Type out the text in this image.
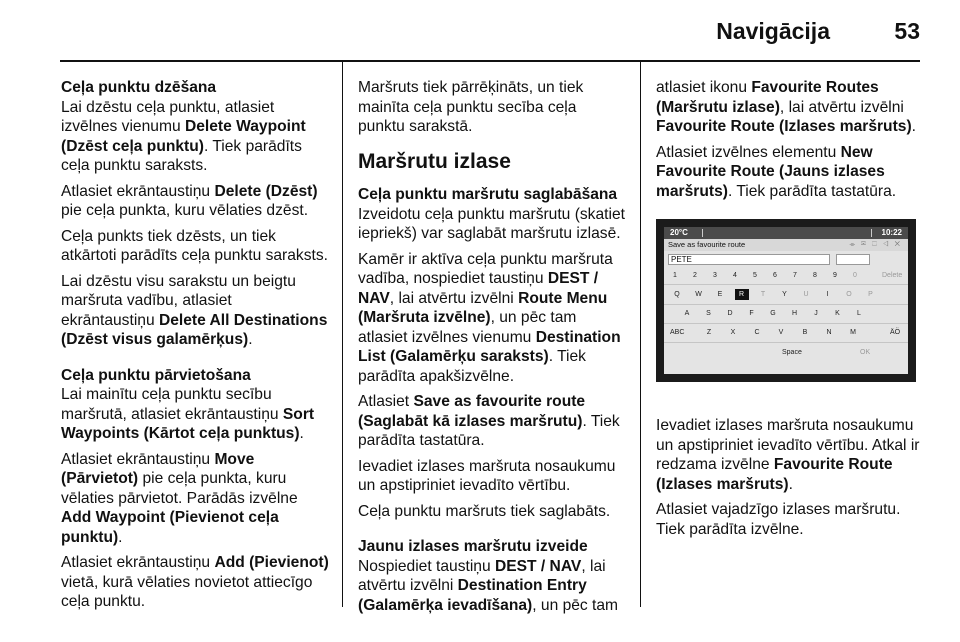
Navigācija	53

Ceļa punktu dzēšana

Lai dzēstu ceļa punktu, atlasiet izvēlnes vienumu Delete Waypoint (Dzēst ceļa punktu). Tiek parādīts ceļa punktu saraksts.

Atlasiet ekrāntaustiņu Delete (Dzēst) pie ceļa punkta, kuru vēlaties dzēst.

Ceļa punkts tiek dzēsts, un tiek atkārtoti parādīts ceļa punktu saraksts.

Lai dzēstu visu sarakstu un beigtu maršruta vadību, atlasiet ekrāntaustiņu Delete All Destinations (Dzēst visus galamērķus).

Ceļa punktu pārvietošana

Lai mainītu ceļa punktu secību maršrutā, atlasiet ekrāntaustiņu Sort Waypoints (Kārtot ceļa punktus).

Atlasiet ekrāntaustiņu Move (Pārvietot) pie ceļa punkta, kuru vēlaties pārvietot. Parādās izvēlne Add Waypoint (Pievienot ceļa punktu).

Atlasiet ekrāntaustiņu Add (Pievienot) vietā, kurā vēlaties novietot attiecīgo ceļa punktu.

Maršruts tiek pārrēķināts, un tiek mainīta ceļa punktu secība ceļa punktu sarakstā.

Maršrutu izlase

Ceļa punktu maršrutu saglabāšana

Izveidotu ceļa punktu maršrutu (skatiet iepriekš) var saglabāt maršrutu izlasē.

Kamēr ir aktīva ceļa punktu maršruta vadība, nospiediet taustiņu DEST / NAV, lai atvērtu izvēlni Route Menu (Maršruta izvēlne), un pēc tam atlasiet izvēlnes vienumu Destination List (Galamērķu saraksts). Tiek parādīta apakšizvēlne.

Atlasiet Save as favourite route (Saglabāt kā izlases maršrutu). Tiek parādīta tastatūra.

Ievadiet izlases maršruta nosaukumu un apstipriniet ievadīto vērtību.

Ceļa punktu maršruts tiek saglabāts.

Jaunu izlases maršrutu izveide

Nospiediet taustiņu DEST / NAV, lai atvērtu izvēlni Destination Entry (Galamērķa ievadīšana), un pēc tam

atlasiet ikonu Favourite Routes (Maršrutu izlase), lai atvērtu izvēlni Favourite Route (Izlases maršruts).

Atlasiet izvēlnes elementu New Favourite Route (Jauns izlases maršruts). Tiek parādīta tastatūra.

20°C	10:22
Save as favourite route	⌯ ✉ ⬚ ◁ ✕
PETE
1	2	3	4	5	6	7	8	9	0	Delete
Q	W	E	R	T	Y	U	I	O	P
A	S	D	F	G	H	J	K	L
ABC	Z	X	C	V	B	N	M	ÄÖ
Space	OK

Ievadiet izlases maršruta nosaukumu un apstipriniet ievadīto vērtību. Atkal ir redzama izvēlne Favourite Route (Izlases maršruts).

Atlasiet vajadzīgo izlases maršrutu. Tiek parādīta izvēlne.
